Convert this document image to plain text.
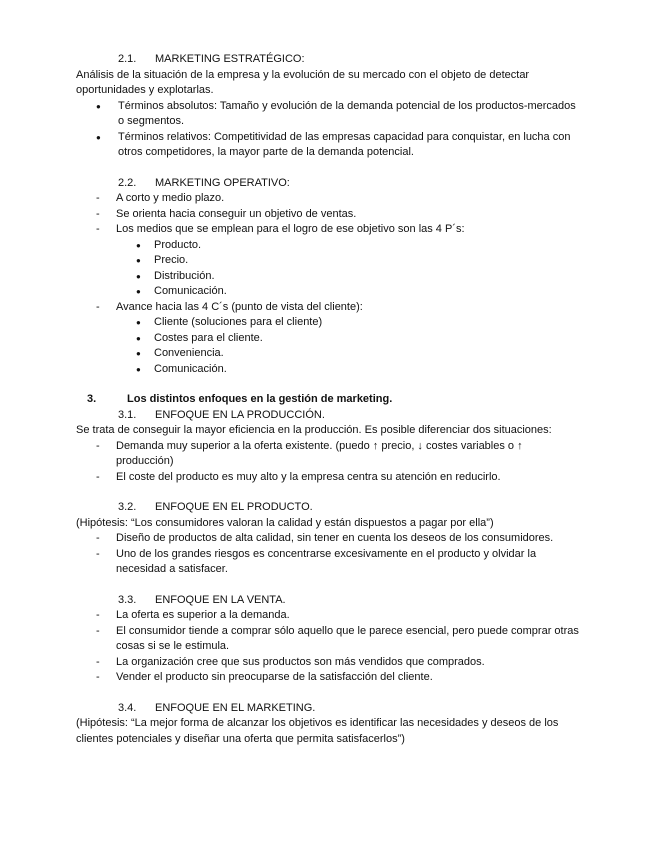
2.1. MARKETING ESTRATÉGICO:

Análisis de la situación de la empresa y la evolución de su mercado con el objeto de detectar oportunidades y explotarlas.

● Términos absolutos: Tamaño y evolución de la demanda potencial de los productos-mercados o segmentos.
● Términos relativos: Competitividad de las empresas capacidad para conquistar, en lucha con otros competidores, la mayor parte de la demanda potencial.
2.2. MARKETING OPERATIVO:
- A corto y medio plazo.
- Se orienta hacia conseguir un objetivo de ventas.
- Los medios que se emplean para el logro de ese objetivo son las 4 P´s:
● Producto.
● Precio.
● Distribución.
● Comunicación.
- Avance hacia las 4 C´s (punto de vista del cliente):
● Cliente (soluciones para el cliente)
● Costes para el cliente.
● Conveniencia.
● Comunicación.
3.	Los distintos enfoques en la gestión de marketing.
3.1. ENFOQUE EN LA PRODUCCIÓN.

Se trata de conseguir la mayor eficiencia en la producción. Es posible diferenciar dos situaciones:

- Demanda muy superior a la oferta existente. (puedo ↑ precio, ↓ costes variables o ↑ producción)
- El coste del producto es muy alto y la empresa centra su atención en reducirlo.
3.2. ENFOQUE EN EL PRODUCTO.

(Hipótesis: “Los consumidores valoran la calidad y están dispuestos a pagar por ella”)

- Diseño de productos de alta calidad, sin tener en cuenta los deseos de los consumidores.
- Uno de los grandes riesgos es concentrarse excesivamente en el producto y olvidar la necesidad a satisfacer.
3.3. ENFOQUE EN LA VENTA.
- La oferta es superior a la demanda.
- El consumidor tiende a comprar sólo aquello que le parece esencial, pero puede comprar otras cosas si se le estimula.
- La organización cree que sus productos son más vendidos que comprados.
- Vender el producto sin preocuparse de la satisfacción del cliente.
3.4. ENFOQUE EN EL MARKETING.

(Hipótesis: “La mejor forma de alcanzar los objetivos es identificar las necesidades y deseos de los clientes potenciales y diseñar una oferta que permita satisfacerlos”)
